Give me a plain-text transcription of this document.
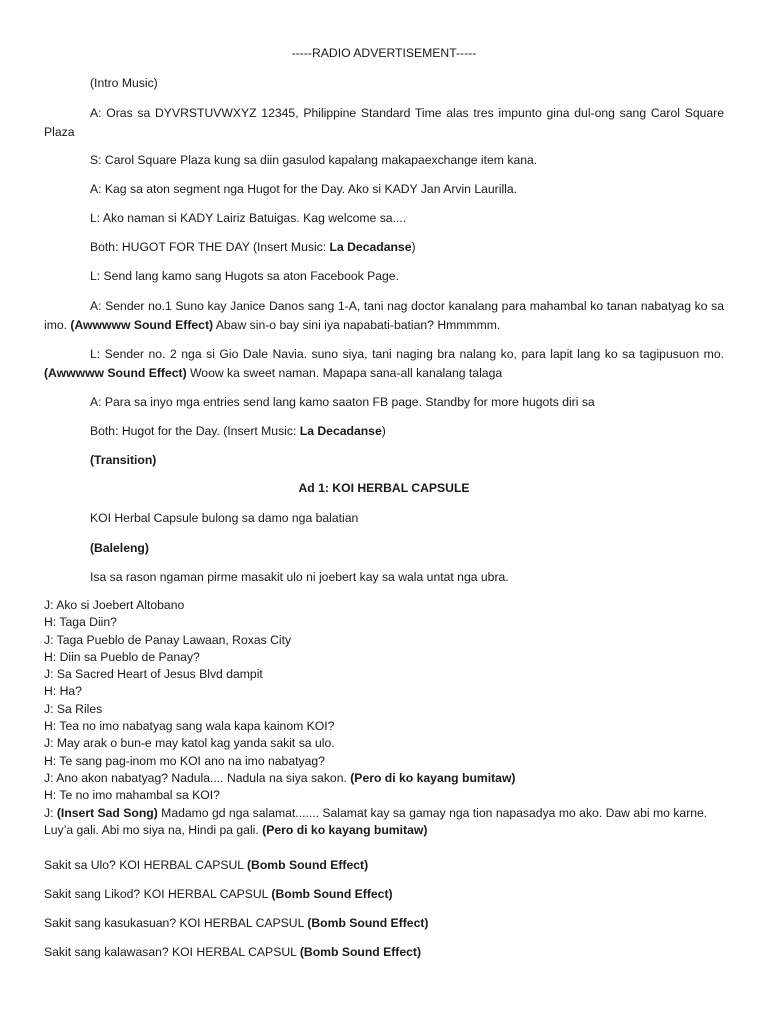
-----RADIO ADVERTISEMENT-----
(Intro Music)
A: Oras sa DYVRSTUVWXYZ 12345, Philippine Standard Time alas tres impunto gina dul-ong sang Carol Square Plaza
S: Carol Square Plaza kung sa diin gasulod kapalang makapaexchange item kana.
A: Kag sa aton segment nga Hugot for the Day. Ako si KADY Jan Arvin Laurilla.
L: Ako naman si KADY Lairiz Batuigas. Kag welcome sa....
Both: HUGOT FOR THE DAY (Insert Music: La Decadanse)
L: Send lang kamo sang Hugots sa aton Facebook Page.
A: Sender no.1 Suno kay Janice Danos sang 1-A, tani nag doctor kanalang para mahambal ko tanan nabatyag ko sa imo. (Awwwww Sound Effect) Abaw sin-o bay sini iya napabati-batian? Hmmmmm.
L: Sender no. 2 nga si Gio Dale Navia. suno siya, tani naging bra nalang ko, para lapit lang ko sa tagipusuon mo. (Awwwww Sound Effect) Woow ka sweet naman. Mapapa sana-all kanalang talaga
A: Para sa inyo mga entries send lang kamo saaton FB page. Standby for more hugots diri sa
Both: Hugot for the Day. (Insert Music: La Decadanse)
(Transition)
Ad 1: KOI HERBAL CAPSULE
KOI Herbal Capsule bulong sa damo nga balatian
(Baleleng)
Isa sa rason ngaman pirme masakit ulo ni joebert kay sa wala untat nga ubra.
J: Ako si Joebert Altobano
H: Taga Diin?
J: Taga Pueblo de Panay Lawaan, Roxas City
H: Diin sa Pueblo de Panay?
J: Sa Sacred Heart of Jesus Blvd dampit
H: Ha?
J: Sa Riles
H: Tea no imo nabatyag sang wala kapa kainom KOI?
J: May arak o bun-e may katol kag yanda sakit sa ulo.
H: Te sang pag-inom mo KOI ano na imo nabatyag?
J: Ano akon nabatyag? Nadula.... Nadula na siya sakon. (Pero di ko kayang bumitaw)
H: Te no imo mahambal sa KOI?
J: (Insert Sad Song) Madamo gd nga salamat....... Salamat kay sa gamay nga tion napasadya mo ako. Daw abi mo karne. Luy’a gali. Abi mo siya na, Hindi pa gali. (Pero di ko kayang bumitaw)
Sakit sa Ulo? KOI HERBAL CAPSUL (Bomb Sound Effect)
Sakit sang Likod? KOI HERBAL CAPSUL (Bomb Sound Effect)
Sakit sang kasukasuan? KOI HERBAL CAPSUL (Bomb Sound Effect)
Sakit sang kalawasan? KOI HERBAL CAPSUL (Bomb Sound Effect)
